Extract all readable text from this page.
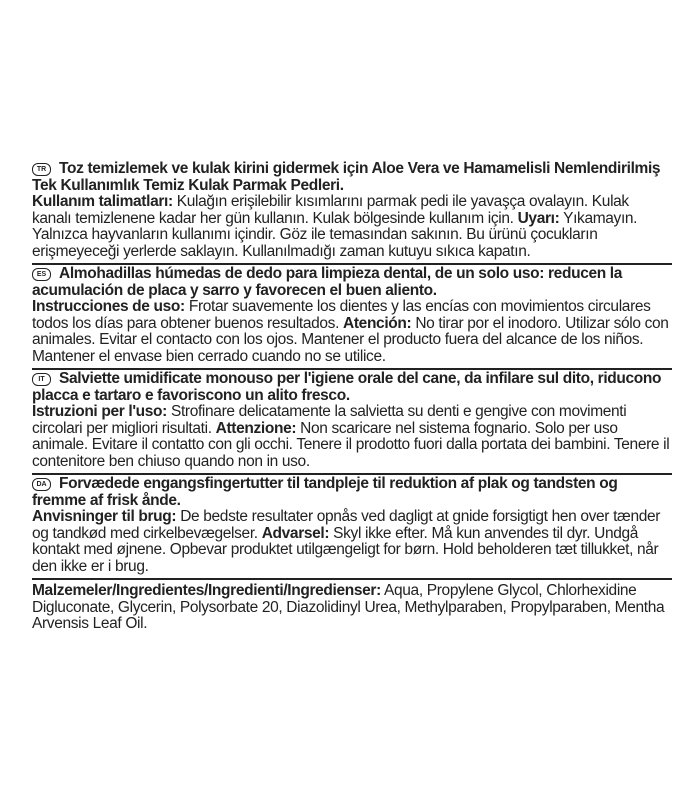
TR Toz temizlemek ve kulak kirini gidermek için Aloe Vera ve Hamamelisli Nemlendirilmiş Tek Kullanımlık Temiz Kulak Parmak Pedleri.

Kullanım talimatları: Kulağın erişilebilir kısımlarını parmak pedi ile yavaşça ovalayın. Kulak kanalı temizlenene kadar her gün kullanın. Kulak bölgesinde kullanım için. Uyarı: Yıkamayın. Yalnızca hayvanların kullanımı içindir. Göz ile temasından sakının. Bu ürünü çocukların erişmeyeceği yerlerde saklayın. Kullanılmadığı zaman kutuyu sıkıca kapatın.

ES Almohadillas húmedas de dedo para limpieza dental, de un solo uso: reducen la acumulación de placa y sarro y favorecen el buen aliento.

Instrucciones de uso: Frotar suavemente los dientes y las encías con movimientos circulares todos los días para obtener buenos resultados. Atención: No tirar por el inodoro. Utilizar sólo con animales. Evitar el contacto con los ojos. Mantener el producto fuera del alcance de los niños. Mantener el envase bien cerrado cuando no se utilice.

IT Salviette umidificate monouso per l'igiene orale del cane, da infilare sul dito, riducono placca e tartaro e favoriscono un alito fresco.

Istruzioni per l'uso: Strofinare delicatamente la salvietta su denti e gengive con movimenti circolari per migliori risultati. Attenzione: Non scaricare nel sistema fognario. Solo per uso animale. Evitare il contatto con gli occhi. Tenere il prodotto fuori dalla portata dei bambini. Tenere il contenitore ben chiuso quando non in uso.

DA Forvædede engangsfingertutter til tandpleje til reduktion af plak og tandsten og fremme af frisk ånde.

Anvisninger til brug: De bedste resultater opnås ved dagligt at gnide forsigtigt hen over tænder og tandkød med cirkelbevægelser. Advarsel: Skyl ikke efter. Må kun anvendes til dyr. Undgå kontakt med øjnene. Opbevar produktet utilgængeligt for børn. Hold beholderen tæt tillukket, når den ikke er i brug.

Malzemeler/Ingredientes/Ingredienti/Ingredienser: Aqua, Propylene Glycol, Chlorhexidine Digluconate, Glycerin, Polysorbate 20, Diazolidinyl Urea, Methylparaben, Propylparaben, Mentha Arvensis Leaf Oil.
